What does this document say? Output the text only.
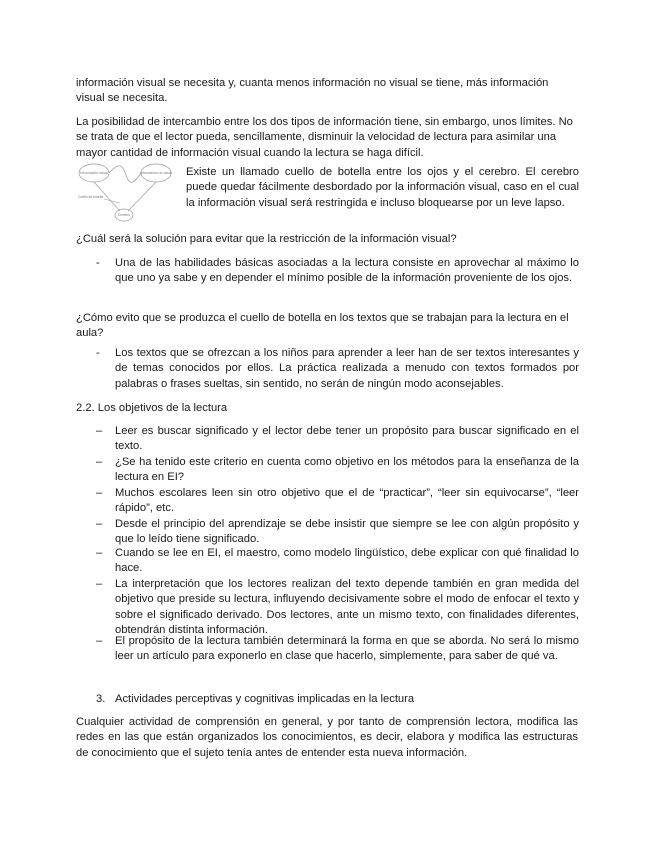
información visual se necesita y, cuanta menos información no visual se tiene, más información visual se necesita.

La posibilidad de intercambio entre los dos tipos de información tiene, sin embargo, unos límites. No se trata de que el lector pueda, sencillamente, disminuir la velocidad de lectura para asimilar una mayor cantidad de información visual cuando la lectura se haga difícil.

Información visual	Información no visual
Cuello de botella
Cerebro

Existe un llamado cuello de botella entre los ojos y el cerebro. El cerebro puede quedar fácilmente desbordado por la información visual, caso en el cual la información visual será restringida e incluso bloquearse por un leve lapso.

¿Cuál será la solución para evitar que la restricción de la información visual?

-	Una de las habilidades básicas asociadas a la lectura consiste en aprovechar al máximo lo que uno ya sabe y en depender el mínimo posible de la información proveniente de los ojos.

¿Cómo evito que se produzca el cuello de botella en los textos que se trabajan para la lectura en el aula?

-	Los textos que se ofrezcan a los niños para aprender a leer han de ser textos interesantes y de temas conocidos por ellos. La práctica realizada a menudo con textos formados por palabras o frases sueltas, sin sentido, no serán de ningún modo aconsejables.

2.2. Los objetivos de la lectura

–	Leer es buscar significado y el lector debe tener un propósito para buscar significado en el texto.

–	¿Se ha tenido este criterio en cuenta como objetivo en los métodos para la enseñanza de la lectura en EI?

–	Muchos escolares leen sin otro objetivo que el de “practicar”, “leer sin equivocarse”, “leer rápido”, etc.

–	Desde el principio del aprendizaje se debe insistir que siempre se lee con algún propósito y que lo leído tiene significado.

–	Cuando se lee en EI, el maestro, como modelo lingüístico, debe explicar con qué finalidad lo hace.

–	La interpretación que los lectores realizan del texto depende también en gran medida del objetivo que preside su lectura, influyendo decisivamente sobre el modo de enfocar el texto y sobre el significado derivado. Dos lectores, ante un mismo texto, con finalidades diferentes, obtendrán distinta información.

–	El propósito de la lectura también determinará la forma en que se aborda. No será lo mismo leer un artículo para exponerlo en clase que hacerlo, simplemente, para saber de qué va.

3. Actividades perceptivas y cognitivas implicadas en la lectura

Cualquier actividad de comprensión en general, y por tanto de comprensión lectora, modifica las redes en las que están organizados los conocimientos, es decir, elabora y modifica las estructuras de conocimiento que el sujeto tenía antes de entender esta nueva información.
